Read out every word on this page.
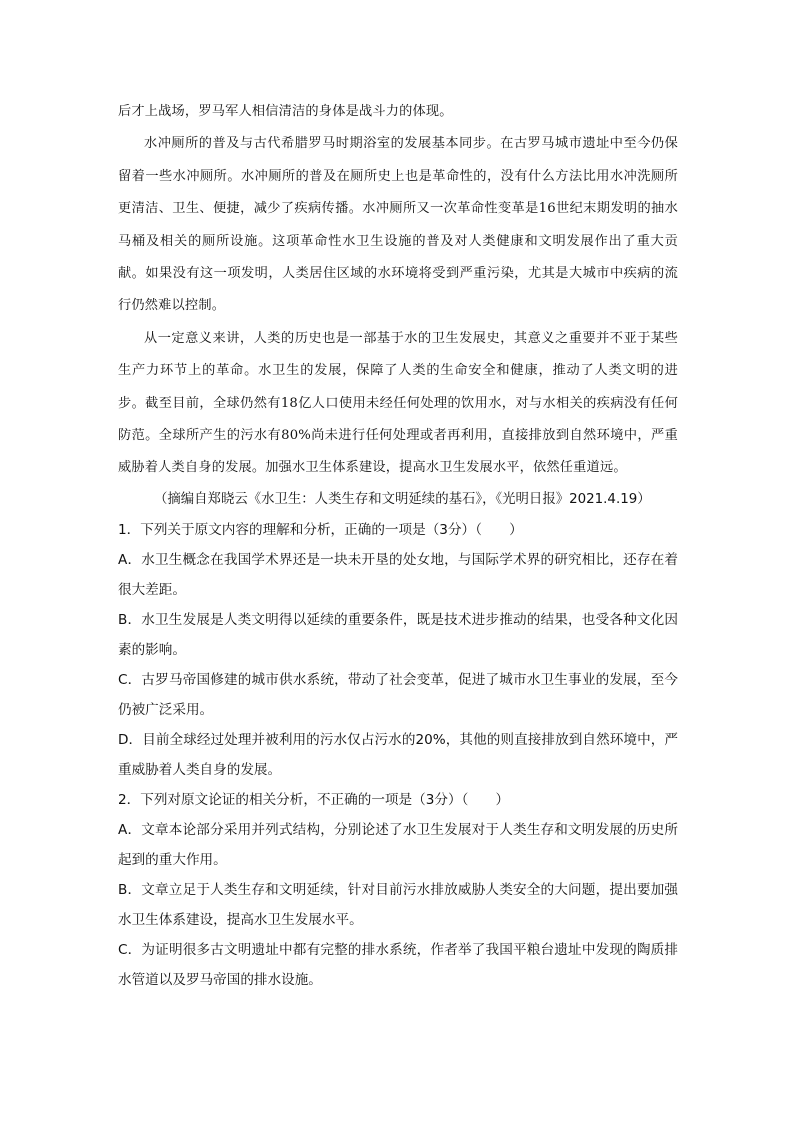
后才上战场，罗马军人相信清洁的身体是战斗力的体现。

水冲厕所的普及与古代希腊罗马时期浴室的发展基本同步。在古罗马城市遗址中至今仍保留着一些水冲厕所。水冲厕所的普及在厕所史上也是革命性的，没有什么方法比用水冲洗厕所更清洁、卫生、便捷，减少了疾病传播。水冲厕所又一次革命性变革是16世纪末期发明的抽水马桶及相关的厕所设施。这项革命性水卫生设施的普及对人类健康和文明发展作出了重大贡献。如果没有这一项发明，人类居住区域的水环境将受到严重污染，尤其是大城市中疾病的流行仍然难以控制。

从一定意义来讲，人类的历史也是一部基于水的卫生发展史，其意义之重要并不亚于某些生产力环节上的革命。水卫生的发展，保障了人类的生命安全和健康，推动了人类文明的进步。截至目前，全球仍然有18亿人口使用未经任何处理的饮用水，对与水相关的疾病没有任何防范。全球所产生的污水有80%尚未进行任何处理或者再利用，直接排放到自然环境中，严重威胁着人类自身的发展。加强水卫生体系建设，提高水卫生发展水平，依然任重道远。

（摘编自郑晓云《水卫生：人类生存和文明延续的基石》，《光明日报》2021.4.19）

1．下列关于原文内容的理解和分析，正确的一项是（3分）（　　）

A．水卫生概念在我国学术界还是一块未开垦的处女地，与国际学术界的研究相比，还存在着很大差距。

B．水卫生发展是人类文明得以延续的重要条件，既是技术进步推动的结果，也受各种文化因素的影响。

C．古罗马帝国修建的城市供水系统，带动了社会变革，促进了城市水卫生事业的发展，至今仍被广泛采用。

D．目前全球经过处理并被利用的污水仅占污水的20%，其他的则直接排放到自然环境中，严重威胁着人类自身的发展。

2．下列对原文论证的相关分析，不正确的一项是（3分）（　　）

A．文章本论部分采用并列式结构，分别论述了水卫生发展对于人类生存和文明发展的历史所起到的重大作用。

B．文章立足于人类生存和文明延续，针对目前污水排放威胁人类安全的大问题，提出要加强水卫生体系建设，提高水卫生发展水平。

C．为证明很多古文明遗址中都有完整的排水系统，作者举了我国平粮台遗址中发现的陶质排水管道以及罗马帝国的排水设施。
